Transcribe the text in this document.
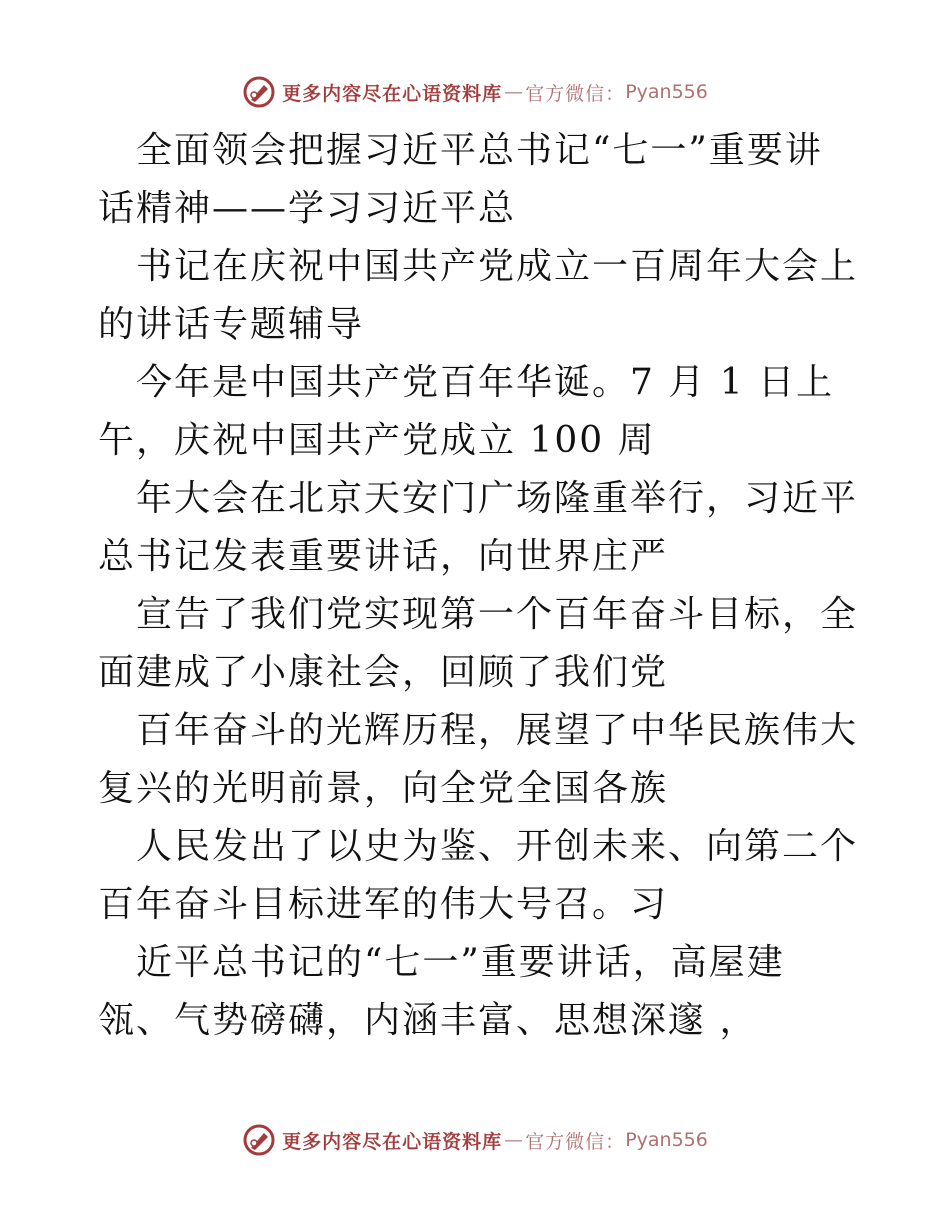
更多内容尽在心语资料库 — 官方微信： Pyan556

全面领会把握习近平总书记“七一”重要讲话精神——学习习近平总

书记在庆祝中国共产党成立一百周年大会上的讲话专题辅导

今年是中国共产党百年华诞。7 月 1 日上午，庆祝中国共产党成立 100 周

年大会在北京天安门广场隆重举行，习近平总书记发表重要讲话，向世界庄严

宣告了我们党实现第一个百年奋斗目标，全面建成了小康社会，回顾了我们党

百年奋斗的光辉历程，展望了中华民族伟大复兴的光明前景，向全党全国各族

人民发出了以史为鉴、开创未来、向第二个百年奋斗目标进军的伟大号召。习

近平总书记的“七一”重要讲话，高屋建瓴、气势磅礴，内涵丰富、思想深邃 ，

更多内容尽在心语资料库 — 官方微信： Pyan556
